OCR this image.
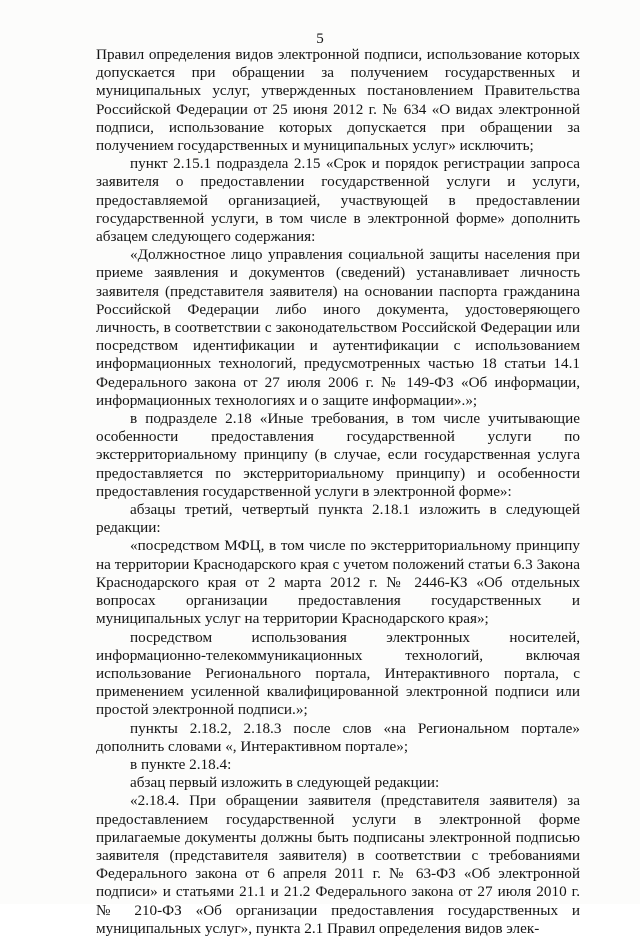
5

Правил определения видов электронной подписи, использование которых допускается при обращении за получением государственных и муниципальных услуг, утвержденных постановлением Правительства Российской Федерации от 25 июня 2012 г. № 634 «О видах электронной подписи, использование которых допускается при обращении за получением государственных и муниципальных услуг» исключить;

пункт 2.15.1 подраздела 2.15 «Срок и порядок регистрации запроса заявителя о предоставлении государственной услуги и услуги, предоставляемой организацией, участвующей в предоставлении государственной услуги, в том числе в электронной форме» дополнить абзацем следующего содержания:

«Должностное лицо управления социальной защиты населения при приеме заявления и документов (сведений) устанавливает личность заявителя (представителя заявителя) на основании паспорта гражданина Российской Федерации либо иного документа, удостоверяющего личность, в соответствии с законодательством Российской Федерации или посредством идентификации и аутентификации с использованием информационных технологий, предусмотренных частью 18 статьи 14.1 Федерального закона от 27 июля 2006 г. № 149-ФЗ «Об информации, информационных технологиях и о защите информации».»;

в подразделе 2.18 «Иные требования, в том числе учитывающие особенности предоставления государственной услуги по экстерриториальному принципу (в случае, если государственная услуга предоставляется по экстерриториальному принципу) и особенности предоставления государственной услуги в электронной форме»:

абзацы третий, четвертый пункта 2.18.1 изложить в следующей редакции:

«посредством МФЦ, в том числе по экстерриториальному принципу на территории Краснодарского края с учетом положений статьи 6.3 Закона Краснодарского края от 2 марта 2012 г. № 2446-КЗ «Об отдельных вопросах организации предоставления государственных и муниципальных услуг на территории Краснодарского края»;

посредством использования электронных носителей, информационно-телекоммуникационных технологий, включая использование Регионального портала, Интерактивного портала, с применением усиленной квалифицированной электронной подписи или простой электронной подписи.»;

пункты 2.18.2, 2.18.3 после слов «на Региональном портале» дополнить словами «, Интерактивном портале»;

в пункте 2.18.4:

абзац первый изложить в следующей редакции:

«2.18.4. При обращении заявителя (представителя заявителя) за предоставлением государственной услуги в электронной форме прилагаемые документы должны быть подписаны электронной подписью заявителя (представителя заявителя) в соответствии с требованиями Федерального закона от 6 апреля 2011 г. № 63-ФЗ «Об электронной подписи» и статьями 21.1 и 21.2 Федерального закона от 27 июля 2010 г. № 210-ФЗ «Об организации предоставления государственных и муниципальных услуг», пункта 2.1 Правил определения видов элек-
